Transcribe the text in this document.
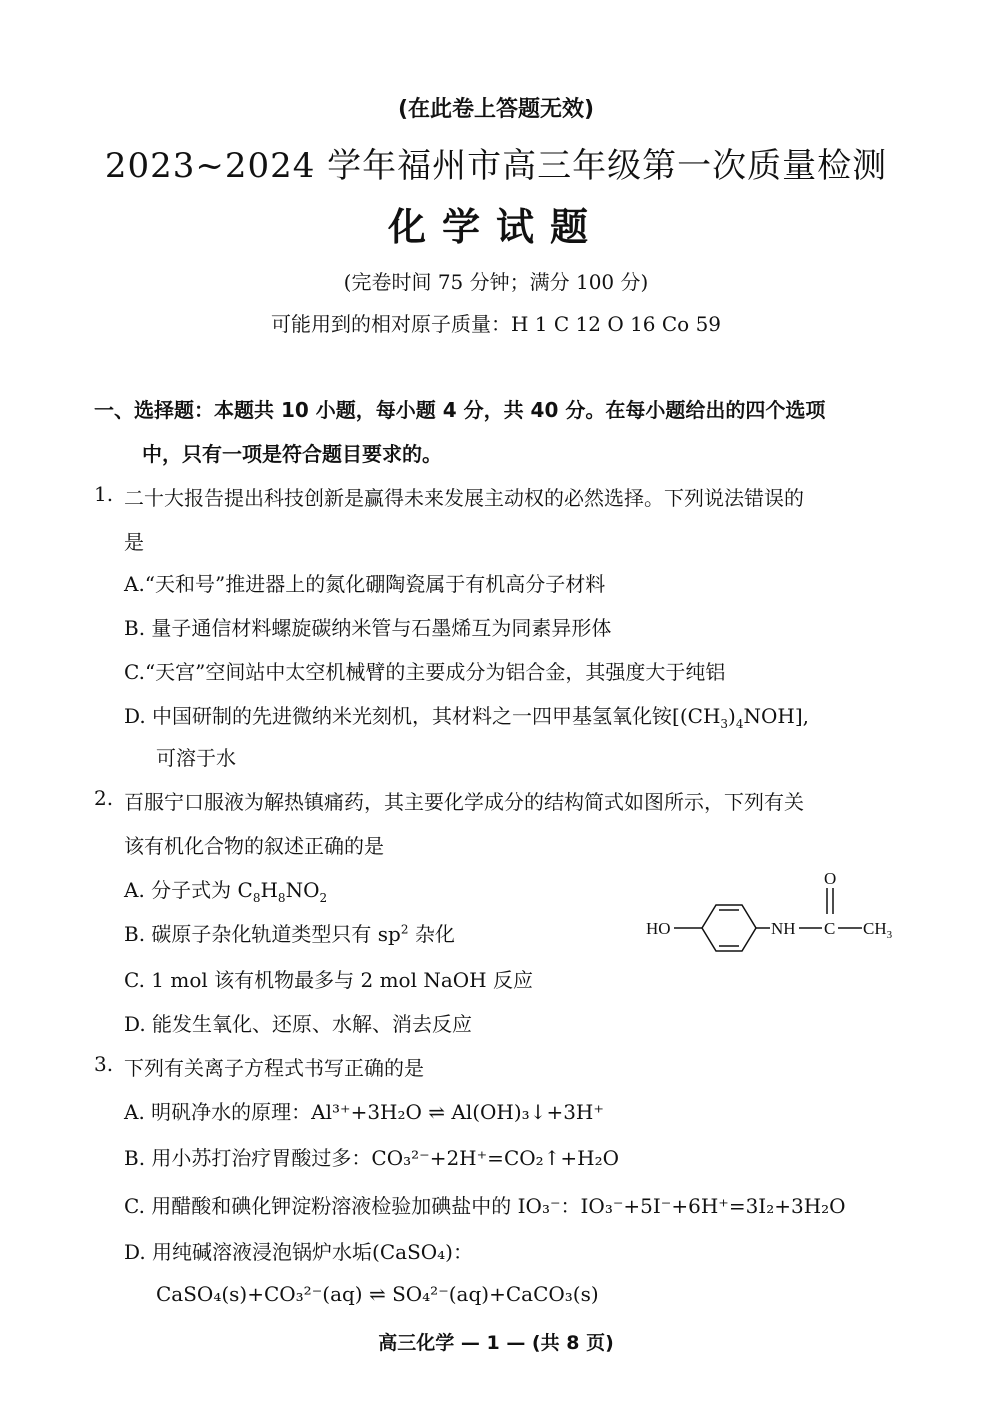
(在此卷上答题无效)
2023~2024 学年福州市高三年级第一次质量检测
化学试题
(完卷时间 75 分钟；满分 100 分)
可能用到的相对原子质量：H 1 C 12 O 16 Co 59
一、选择题：本题共 10 小题，每小题 4 分，共 40 分。在每小题给出的四个选项
中，只有一项是符合题目要求的。
1. 二十大报告提出科技创新是赢得未来发展主动权的必然选择。下列说法错误的
是
A.“天和号”推进器上的氮化硼陶瓷属于有机高分子材料
B. 量子通信材料螺旋碳纳米管与石墨烯互为同素异形体
C.“天宫”空间站中太空机械臂的主要成分为铝合金，其强度大于纯铝
D. 中国研制的先进微纳米光刻机，其材料之一四甲基氢氧化铵$[(CH_3)_4NOH]$,
可溶于水
2. 百服宁口服液为解热镇痛药，其主要化学成分的结构简式如图所示，下列有关
该有机化合物的叙述正确的是
A. 分子式为 $C_8H_8NO_2$
B. 碳原子杂化轨道类型只有 $sp^2$ 杂化
C. 1 mol 该有机物最多与 2 mol NaOH 反应
D. 能发生氧化、还原、水解、消去反应
HO	NH C
O
$CH_3$
3. 下列有关离子方程式书写正确的是
A. 明矾净水的原理：Al³⁺+3H₂O ⇌ Al(OH)₃↓+3H⁺
B. 用小苏打治疗胃酸过多：CO₃²⁻+2H⁺=CO₂↑+H₂O
C. 用醋酸和碘化钾淀粉溶液检验加碘盐中的 IO₃⁻：IO₃⁻+5I⁻+6H⁺=3I₂+3H₂O
D. 用纯碱溶液浸泡锅炉水垢(CaSO₄)：
CaSO₄(s)+CO₃²⁻(aq) ⇌ SO₄²⁻(aq)+CaCO₃(s)
高三化学 — 1 — (共 8 页)
